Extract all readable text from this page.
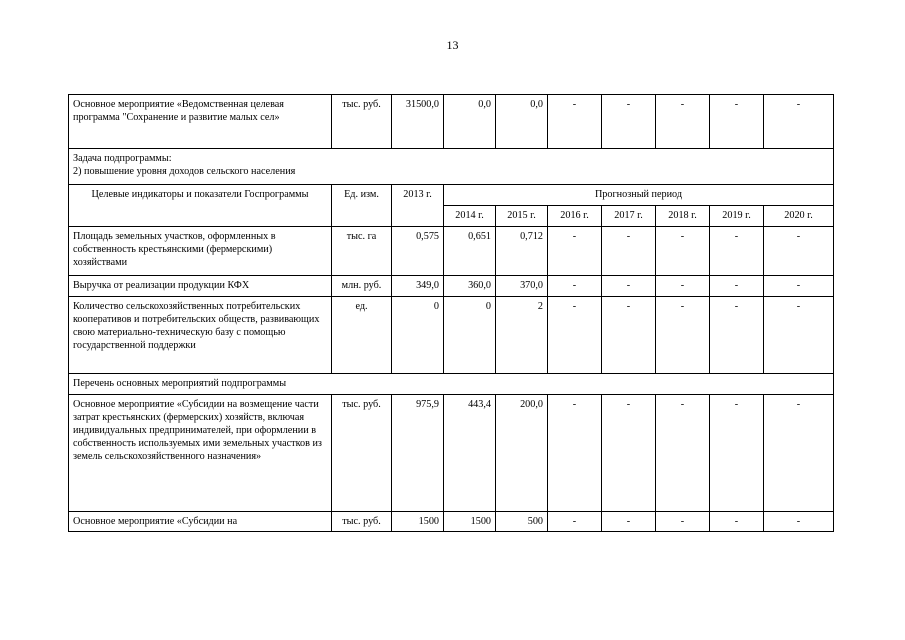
13
Основное мероприятие «Ведомственная целевая программа "Сохранение и развитие малых сел»	тыс. руб.	31500,0	0,0	0,0	-	-	-	-	-
Задача подпрограммы:
2) повышение уровня доходов сельского населения									
Целевые индикаторы и показатели Госпрограммы	Ед. изм.	2013 г.	Прогнозный период						
			2014 г.	2015 г.	2016 г.	2017 г.	2018 г.	2019 г.	2020 г.
Площадь земельных участков, оформленных в собственность крестьянскими (фермерскими) хозяйствами	тыс. га	0,575	0,651	0,712	-	-	-	-	-
Выручка от реализации продукции КФХ	млн. руб.	349,0	360,0	370,0	-	-	-	-	-
Количество сельскохозяйственных потребительских кооперативов и потребительских обществ, развивающих свою материально-техническую базу с помощью государственной поддержки	ед.	0	0	2	-	-	-	-	-
Перечень основных мероприятий подпрограммы									
Основное мероприятие «Субсидии на возмещение части затрат крестьянских (фермерских) хозяйств, включая индивидуальных предпринимателей, при оформлении в собственность используемых ими земельных участков из земель сельскохозяйственного назначения»	тыс. руб.	975,9	443,4	200,0	-	-	-	-	-
Основное мероприятие «Субсидии на	тыс. руб.	1500	1500	500	-	-	-	-	-
